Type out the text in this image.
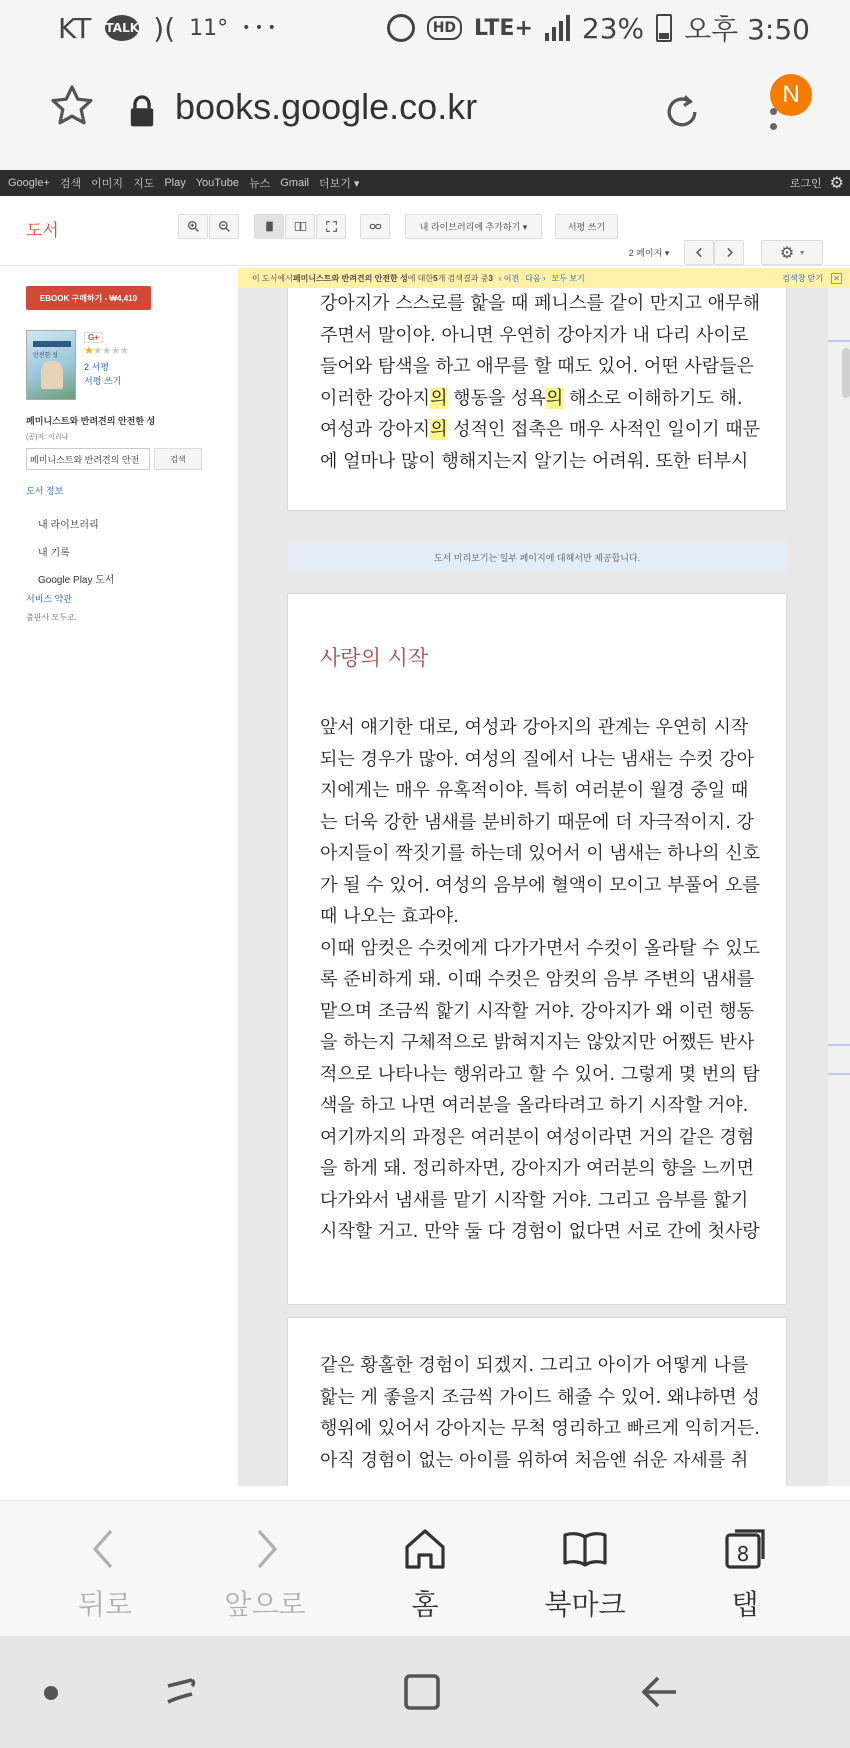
KT TALK )( 11° • • •	HD LTE+ 23% 오후 3:50
books.google.co.kr	N
Google+ 검색 이미지 지도 Play YouTube 뉴스 Gmail 더보기 ▾	로그인 ⚙
도서	내 라이브러리에 추가하기 ▾	서평 쓰기
2 페이지 ▾	⚙ ▾
이 도서에서 페미니스트와 반려견의 안전한 성 에 대한 5 개 검색결과 중 3 ‹ 이전 다음 › 모두 보기	검색창 닫기 ✕
EBOOK 구매하기 - ₩4,410
안전한 성
G+
★★★★★
2 서평
서평 쓰기
페미니스트와 반려견의 안전한 성
(공)저: 이리나
페미니스트와 반려견의 안전	검색
도서 정보
내 라이브러리
내 기록
Google Play 도서
서비스 약관
출판사 모두코.

강아지가 스스로를 핥을 때 페니스를 같이 만지고 애무해

주면서 말이야. 아니면 우연히 강아지가 내 다리 사이로

들어와 탐색을 하고 애무를 할 때도 있어. 어떤 사람들은

이러한 강아지의 행동을 성욕의 해소로 이해하기도 해.

여성과 강아지의 성적인 접촉은 매우 사적인 일이기 때문

에 얼마나 많이 행해지는지 알기는 어려워. 또한 터부시

도서 미리보기는 일부 페이지에 대해서만 제공합니다.
사랑의 시작

앞서 얘기한 대로, 여성과 강아지의 관계는 우연히 시작

되는 경우가 많아. 여성의 질에서 나는 냄새는 수컷 강아

지에게는 매우 유혹적이야. 특히 여러분이 월경 중일 때

는 더욱 강한 냄새를 분비하기 때문에 더 자극적이지. 강

아지들이 짝짓기를 하는데 있어서 이 냄새는 하나의 신호

가 될 수 있어. 여성의 음부에 혈액이 모이고 부풀어 오를

때 나오는 효과야.

이때 암컷은 수컷에게 다가가면서 수컷이 올라탈 수 있도

록 준비하게 돼. 이때 수컷은 암컷의 음부 주변의 냄새를

맡으며 조금씩 핥기 시작할 거야. 강아지가 왜 이런 행동

을 하는지 구체적으로 밝혀지지는 않았지만 어쨌든 반사

적으로 나타나는 행위라고 할 수 있어. 그렇게 몇 번의 탐

색을 하고 나면 여러분을 올라타려고 하기 시작할 거야.

여기까지의 과정은 여러분이 여성이라면 거의 같은 경험

을 하게 돼. 정리하자면, 강아지가 여러분의 향을 느끼면

다가와서 냄새를 맡기 시작할 거야. 그리고 음부를 핥기

시작할 거고. 만약 둘 다 경험이 없다면 서로 간에 첫사랑

같은 황홀한 경험이 되겠지. 그리고 아이가 어떻게 나를

핥는 게 좋을지 조금씩 가이드 해줄 수 있어. 왜냐하면 성

행위에 있어서 강아지는 무척 영리하고 빠르게 익히거든.

아직 경험이 없는 아이를 위하여 처음엔 쉬운 자세를 취

뒤로	앞으로	홈	북마크
8
탭
